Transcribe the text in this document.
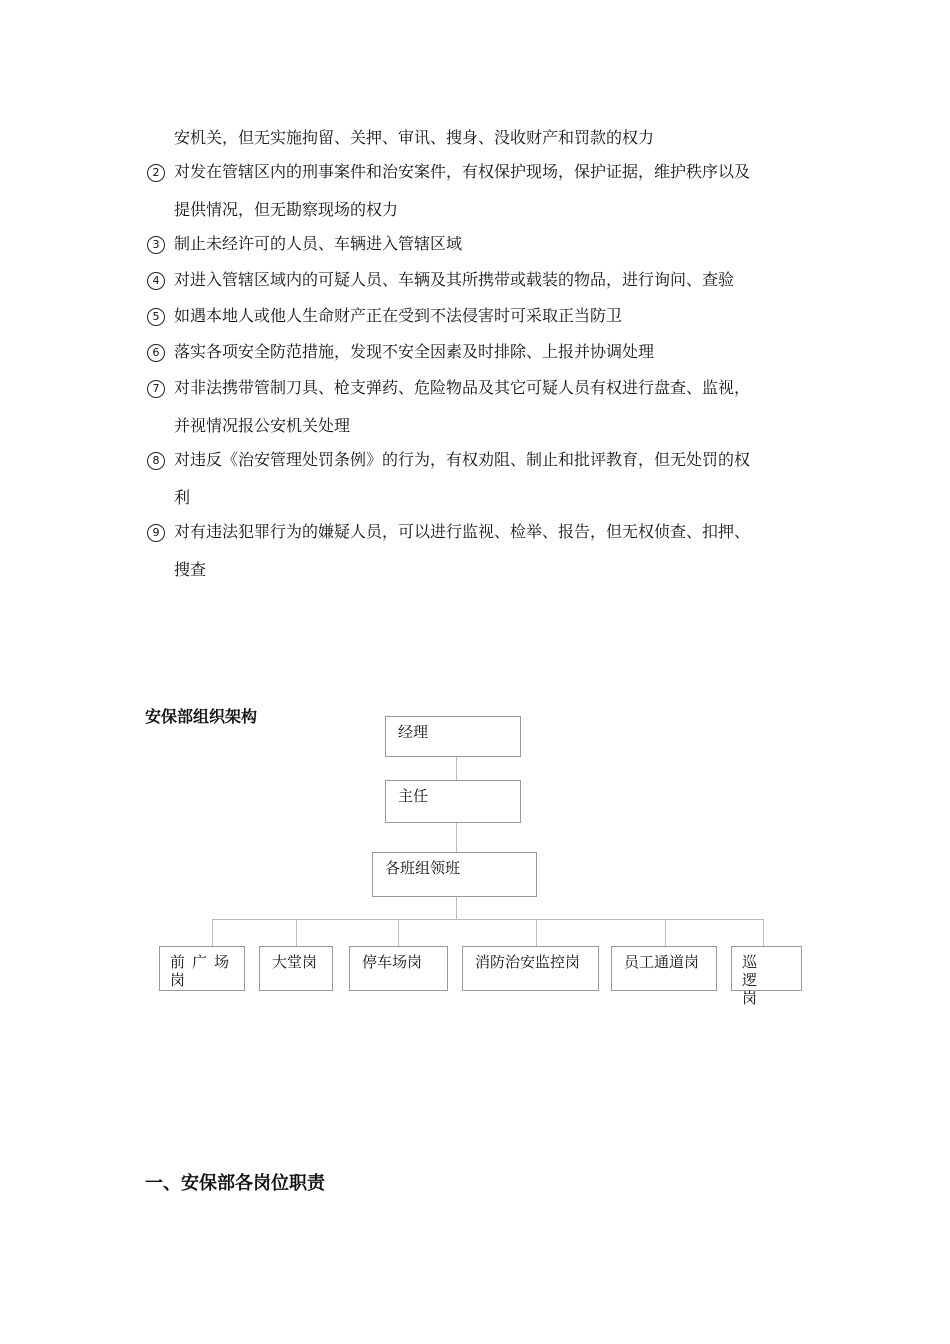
安机关，但无实施拘留、关押、审讯、搜身、没收财产和罚款的权力
2 对发在管辖区内的刑事案件和治安案件，有权保护现场，保护证据，维护秩序以及
提供情况，但无勘察现场的权力
3 制止未经许可的人员、车辆进入管辖区域
4 对进入管辖区域内的可疑人员、车辆及其所携带或载装的物品，进行询问、查验
5 如遇本地人或他人生命财产正在受到不法侵害时可采取正当防卫
6 落实各项安全防范措施，发现不安全因素及时排除、上报并协调处理
7 对非法携带管制刀具、枪支弹药、危险物品及其它可疑人员有权进行盘查、监视，
并视情况报公安机关处理
8 对违反《治安管理处罚条例》的行为，有权劝阻、制止和批评教育，但无处罚的权
利
9 对有违法犯罪行为的嫌疑人员，可以进行监视、检举、报告，但无权侦查、扣押、
搜查
安保部组织架构
经理
主任
各班组领班
前广场岗
大堂岗	停车场岗	消防治安监控岗	员工通道岗	巡逻岗
一、安保部各岗位职责
